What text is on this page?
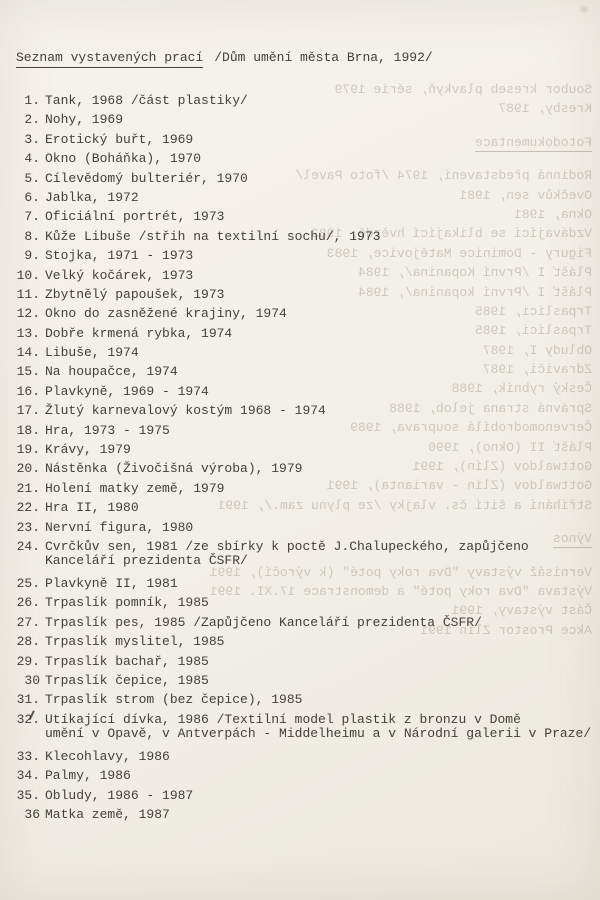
Soubor kreseb plavkyň, série 1979
Kresby, 1987
Fotodokumentace
Rodinná představení, 1974 /foto Pavel/
Ovečkův sen, 1981
Okna, 1981
Vzdávající se blikající hvězdě, 1982
Figury - Dominice Matějovice, 1983
Plášť I /První Kopanina/, 1984
Plášť I /První kopanina/, 1984
Trpaslíci, 1985
Trpaslíci, 1985
Obludy I, 1987
Zdraviči, 1987
Český rybník, 1988
Správná strana jelob, 1988
Červenomodrobílá souprava, 1989
Plášť II (Okno), 1990
Gottwaldov (Zlín), 1991
Gottwaldov (Zlín - varianta), 1991
Stříhání a šití čs. vlajky /ze plynu zam./, 1991
Výnos
Vernisáž výstavy "Dva roky poté" (k výročí), 1991
Výstava "Dva roky poté" a demonstrace 17.XI. 1991
Část výstavy, 1991
Akce Prostor Zlín 1991
Seznam vystavených prací /Dům umění města Brna, 1992/
1. Tank, 1968 /část plastiky/
2. Nohy, 1969
3. Erotický buřt, 1969
4. Okno (Boháňka), 1970
5. Cílevědomý bulteriér, 1970
6. Jablka, 1972
7. Oficiální portrét, 1973
8. Kůže Libuše /střih na textilní sochu/, 1973
9. Stojka, 1971 - 1973
10. Velký kočárek, 1973
11. Zbytnělý papoušek, 1973
12. Okno do zasněžené krajiny, 1974
13. Dobře krmená rybka, 1974
14. Libuše, 1974
15. Na houpačce, 1974
16. Plavkyně, 1969 - 1974
17. Žlutý karnevalový kostým 1968 - 1974
18. Hra, 1973 - 1975
19. Krávy, 1979
20. Nástěnka (Živočišná výroba), 1979
21. Holení matky země, 1979
22. Hra II, 1980
23. Nervní figura, 1980
24. Cvrčkův sen, 1981 /ze sbírky k poctě J.Chalupeckého, zapůjčeno
Kanceláří prezidenta ČSFR/
25. Plavkyně II, 1981
26. Trpaslík pomník, 1985
27. Trpaslík pes, 1985 /Zapůjčeno Kanceláří prezidenta ČSFR/
28. Trpaslík myslitel, 1985
29. Trpaslík bachař, 1985
30 Trpaslík čepice, 1985
31. Trpaslík strom (bez čepice), 1985
32. Utíkající dívka, 1986 /Textilní model plastik z bronzu v Domě
umění v Opavě, v Antverpách - Middelheimu a v Národní galerii v Praze/
33. Klecohlavy, 1986
34. Palmy, 1986
35. Obludy, 1986 - 1987
36 Matka země, 1987
